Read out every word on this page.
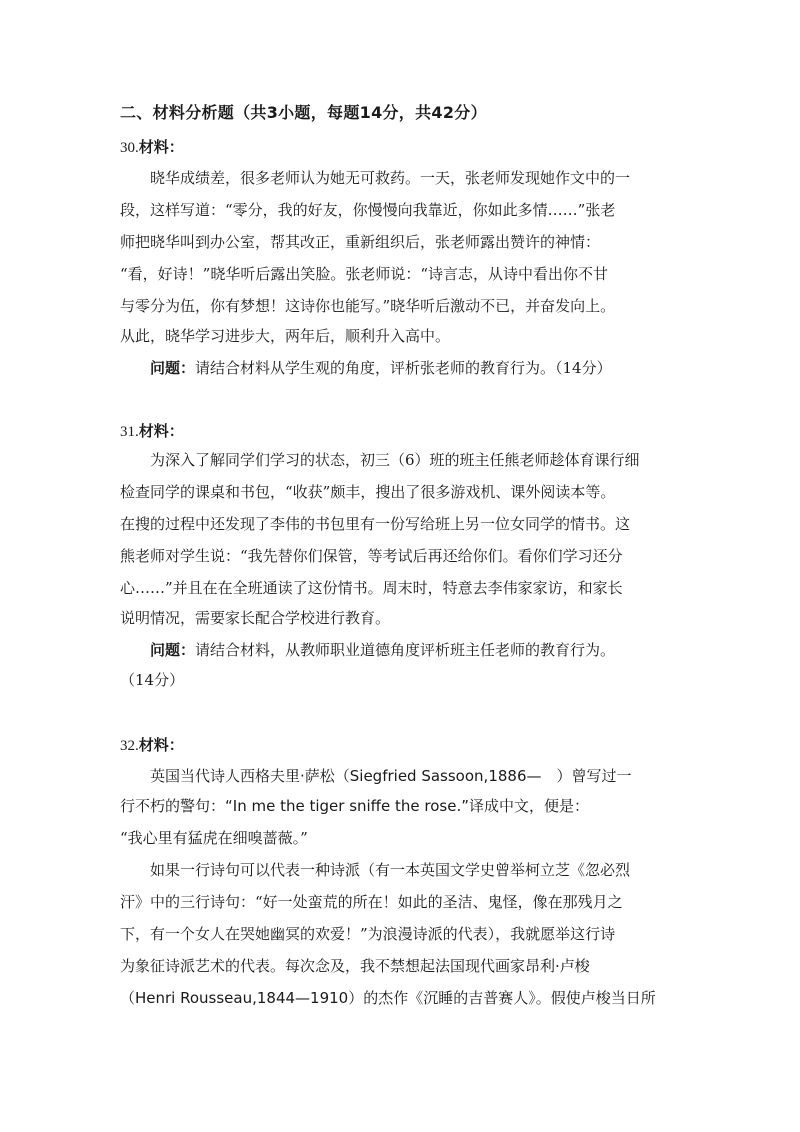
二、材料分析题（共3小题，每题14分，共42分）
30.材料：
晓华成绩差，很多老师认为她无可救药。一天，张老师发现她作文中的一
段，这样写道：“零分，我的好友，你慢慢向我靠近，你如此多情……”张老
师把晓华叫到办公室，帮其改正，重新组织后，张老师露出赞许的神情：
“看，好诗！”晓华听后露出笑脸。张老师说：“诗言志，从诗中看出你不甘
与零分为伍，你有梦想！这诗你也能写。”晓华听后激动不已，并奋发向上。
从此，晓华学习进步大，两年后，顺利升入高中。
问题：请结合材料从学生观的角度，评析张老师的教育行为。（14分）
31.材料：
为深入了解同学们学习的状态，初三（6）班的班主任熊老师趁体育课行细
检查同学的课桌和书包，“收获”颇丰，搜出了很多游戏机、课外阅读本等。
在搜的过程中还发现了李伟的书包里有一份写给班上另一位女同学的情书。这
熊老师对学生说：“我先替你们保管，等考试后再还给你们。看你们学习还分
心……”并且在在全班通读了这份情书。周末时，特意去李伟家家访，和家长
说明情况，需要家长配合学校进行教育。
问题：请结合材料，从教师职业道德角度评析班主任老师的教育行为。
（14分）
32.材料：
英国当代诗人西格夫里·萨松（Siegfried Sassoon,1886—　）曾写过一
行不朽的警句：“In me the tiger sniffe the rose.”译成中文，便是：
“我心里有猛虎在细嗅蔷薇。”
如果一行诗句可以代表一种诗派（有一本英国文学史曾举柯立芝《忽必烈
汗》中的三行诗句：“好一处蛮荒的所在！如此的圣洁、鬼怪，像在那残月之
下，有一个女人在哭她幽冥的欢爱！”为浪漫诗派的代表），我就愿举这行诗
为象征诗派艺术的代表。每次念及，我不禁想起法国现代画家昂利·卢梭
（Henri Rousseau,1844—1910）的杰作《沉睡的吉普赛人》。假使卢梭当日所
